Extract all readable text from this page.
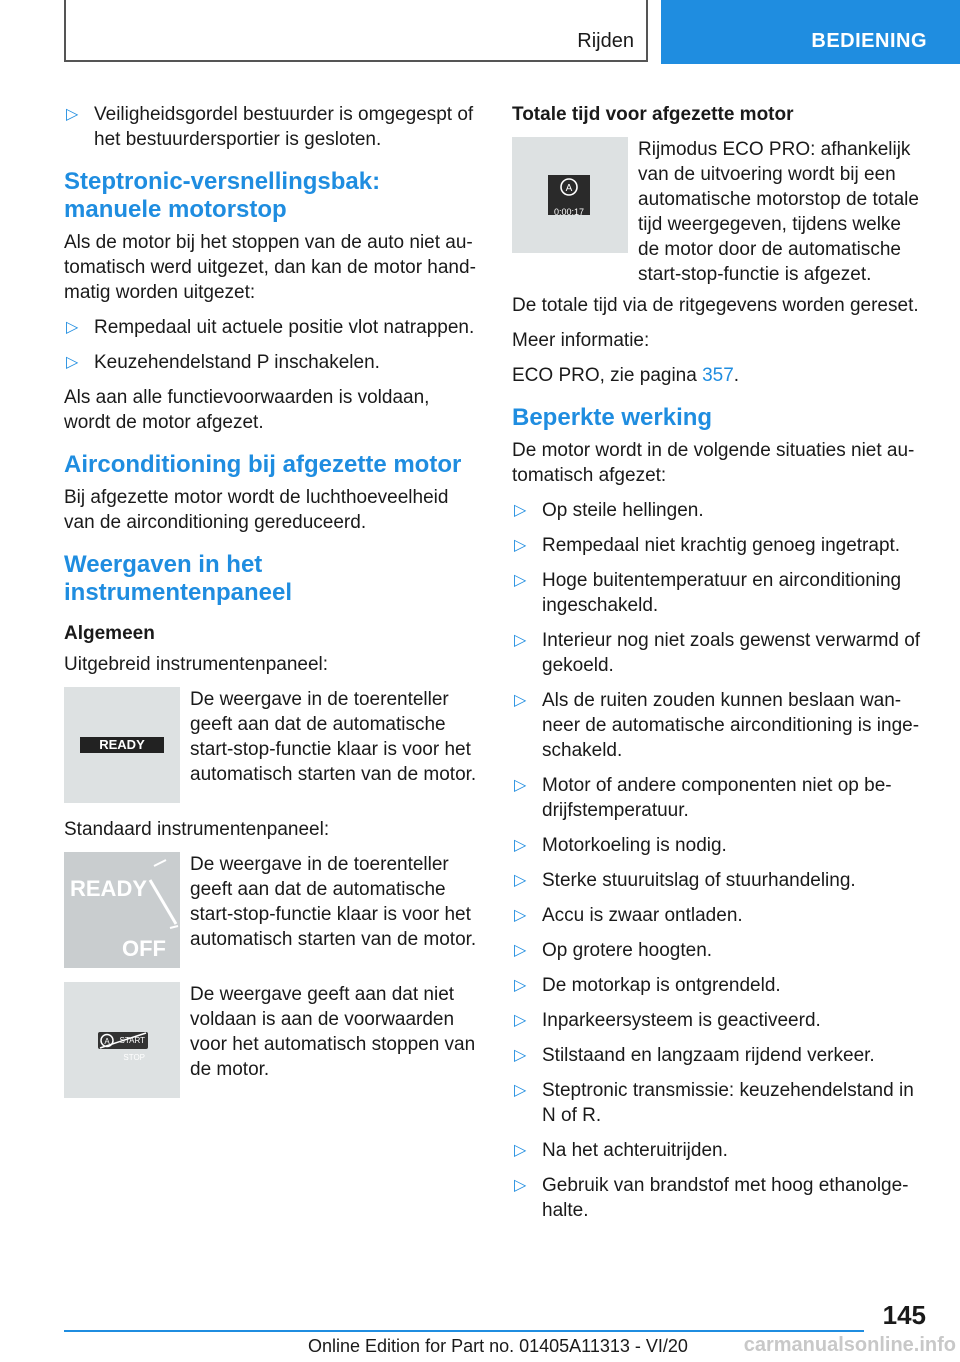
Rijden	BEDIENING
▷ Veiligheidsgordel bestuurder is omgegespt of het bestuurdersportier is gesloten.
Steptronic-versnellingsbak: manuele motorstop

Als de motor bij het stoppen van de auto niet au- tomatisch werd uitgezet, dan kan de motor hand- matig worden uitgezet:

▷ Rempedaal uit actuele positie vlot natrappen.
▷ Keuzehendelstand P inschakelen.

Als aan alle functievoorwaarden is voldaan, wordt de motor afgezet.

Airconditioning bij afgezette motor

Bij afgezette motor wordt de luchthoeveelheid van de airconditioning gereduceerd.

Weergaven in het instrumentenpaneel
Algemeen

Uitgebreid instrumentenpaneel:

READY
De weergave in de toerenteller geeft aan dat de automatische start-stop-functie klaar is voor het automatisch starten van de motor.

Standaard instrumentenpaneel:

READY
OFF
De weergave in de toerenteller geeft aan dat de automatische start-stop-functie klaar is voor het automatisch starten van de motor.
START STOP
A
De weergave geeft aan dat niet voldaan is aan de voorwaarden voor het automatisch stoppen van de motor.

Totale tijd voor afgezette motor

A
0:00:17
Rijmodus ECO PRO: afhankelijk van de uitvoering wordt bij een automatische motorstop de totale tijd weergegeven, tijdens welke de motor door de automatische start-stop-functie is afgezet.

De totale tijd via de ritgegevens worden gereset.

Meer informatie:

ECO PRO, zie pagina 357.

Beperkte werking

De motor wordt in de volgende situaties niet au- tomatisch afgezet:

▷ Op steile hellingen.
▷ Rempedaal niet krachtig genoeg ingetrapt.
▷ Hoge buitentemperatuur en airconditioning ingeschakeld.
▷ Interieur nog niet zoals gewenst verwarmd of gekoeld.
▷ Als de ruiten zouden kunnen beslaan wan- neer de automatische airconditioning is inge- schakeld.
▷ Motor of andere componenten niet op be- drijfstemperatuur.
▷ Motorkoeling is nodig.
▷ Sterke stuuruitslag of stuurhandeling.
▷ Accu is zwaar ontladen.
▷ Op grotere hoogten.
▷ De motorkap is ontgrendeld.
▷ Inparkeersysteem is geactiveerd.
▷ Stilstaand en langzaam rijdend verkeer.
▷ Steptronic transmissie: keuzehendelstand in N of R.
▷ Na het achteruitrijden.
▷ Gebruik van brandstof met hoog ethanolge- halte.
145
Online Edition for Part no. 01405A11313 - VI/20	carmanualsonline.info
